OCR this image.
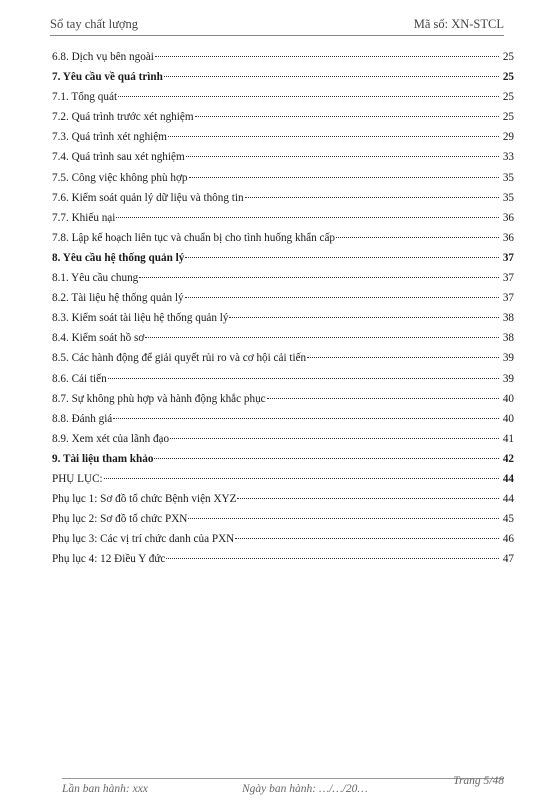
Sổ tay chất lượng	Mã số: XN-STCL
6.8. Dịch vụ bên ngoài	25
7. Yêu cầu về quá trình	25
7.1. Tổng quát	25
7.2. Quá trình trước xét nghiệm	25
7.3. Quá trình xét nghiệm	29
7.4. Quá trình sau xét nghiệm	33
7.5. Công việc không phù hợp	35
7.6. Kiểm soát quản lý dữ liệu và thông tin	35
7.7. Khiếu nại	36
7.8. Lập kế hoạch liên tục và chuẩn bị cho tình huống khẩn cấp	36
8. Yêu cầu hệ thống quản lý	37
8.1. Yêu cầu chung	37
8.2. Tài liệu hệ thống quản lý	37
8.3. Kiểm soát tài liệu hệ thống quản lý	38
8.4. Kiểm soát hồ sơ	38
8.5. Các hành động để giải quyết rủi ro và cơ hội cải tiến	39
8.6. Cải tiến	39
8.7. Sự không phù hợp và hành động khắc phục	40
8.8. Đánh giá	40
8.9. Xem xét của lãnh đạo	41
9. Tài liệu tham khảo	42
PHỤ LỤC:	44
Phụ lục 1: Sơ đồ tổ chức Bệnh viện XYZ	44
Phụ lục 2: Sơ đồ tổ chức PXN	45
Phụ lục 3: Các vị trí chức danh của PXN	46
Phụ lục 4: 12 Điều Y đức	47
Lần ban hành: xxx	Ngày ban hành: …/…/20…
Trang 5/48
